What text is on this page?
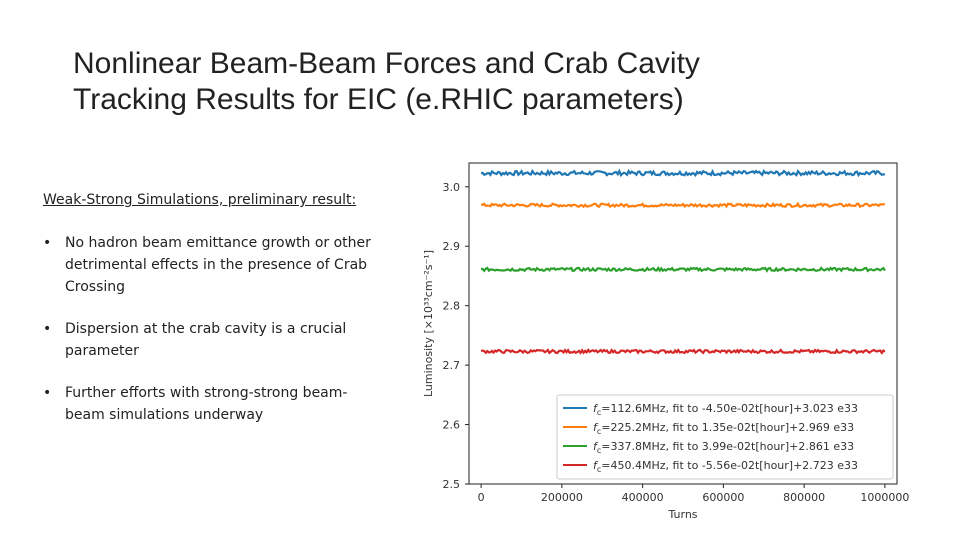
Nonlinear Beam-Beam Forces and Crab Cavity
Tracking Results for EIC (e.RHIC parameters)
Weak-Strong Simulations, preliminary result:
• No hadron beam emittance growth or other detrimental effects in the presence of Crab Crossing
• Dispersion at the crab cavity is a crucial parameter
• Further efforts with strong-strong beam-beam simulations underway
0	200000	400000	600000	800000	1000000
2.5
2.6
2.7
2.8
2.9
3.0
Turns
Luminosity [×10³³cm⁻²s⁻¹]
$f_c=112.6MHz$, fit to -4.50e-02t[hour]+3.023 e33
$f_c=225.2MHz$, fit to 1.35e-02t[hour]+2.969 e33
$f_c=337.8MHz$, fit to 3.99e-02t[hour]+2.861 e33
$f_c=450.4MHz$, fit to -5.56e-02t[hour]+2.723 e33
